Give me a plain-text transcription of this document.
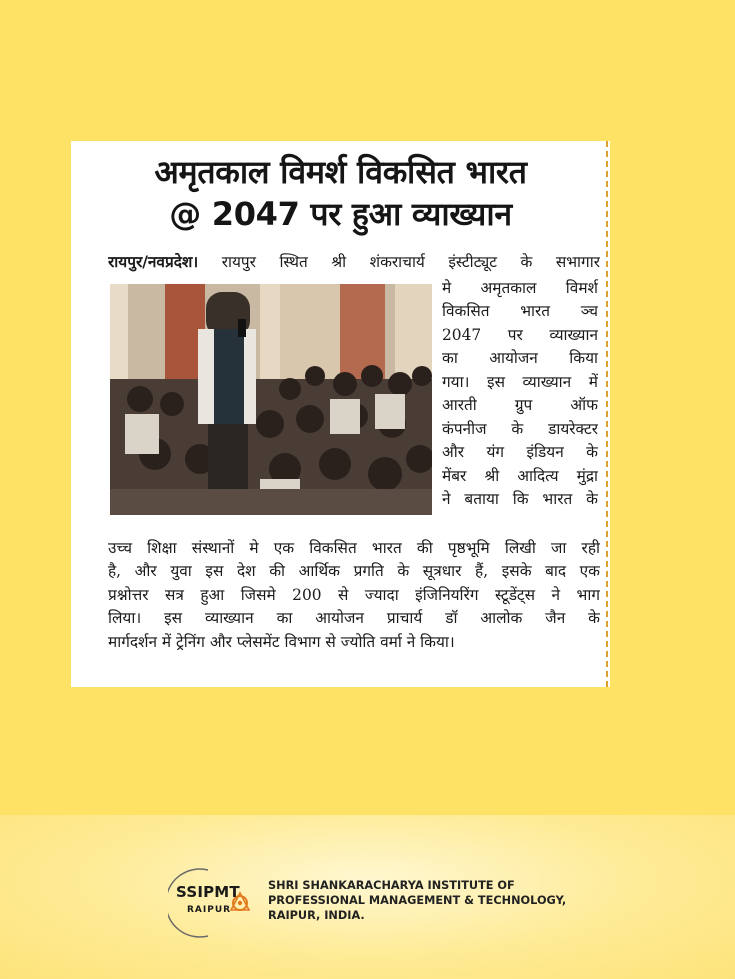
अमृतकाल विमर्श विकसित भारत
@ 2047 पर हुआ व्याख्यान
रायपुर/नवप्रदेश। रायपुर स्थित श्री शंकराचार्य इंस्टीट्यूट के सभागार
मे अमृतकाल विमर्श
विकसित भारत ञ्च
2047 पर व्याख्यान
का आयोजन किया
गया। इस व्याख्यान में
आरती ग्रुप ऑफ
कंपनीज के डायरेक्टर
और यंग इंडियन के
मेंबर श्री आदित्य मुंद्रा
ने बताया कि भारत के
उच्च शिक्षा संस्थानों मे एक विकसित भारत की पृष्ठभूमि लिखी जा रही
है, और युवा इस देश की आर्थिक प्रगति के सूत्रधार हैं, इसके बाद एक
प्रश्नोत्तर सत्र हुआ जिसमे 200 से ज्यादा इंजिनियरिंग स्टूडेंट्स ने भाग
लिया। इस व्याख्यान का आयोजन प्राचार्य डॉ आलोक जैन के
मार्गदर्शन में ट्रेनिंग और प्लेसमेंट विभाग से ज्योति वर्मा ने किया।
SSIPMT
RAIPUR
SHRI SHANKARACHARYA INSTITUTE OF
PROFESSIONAL MANAGEMENT & TECHNOLOGY,
RAIPUR, INDIA.
